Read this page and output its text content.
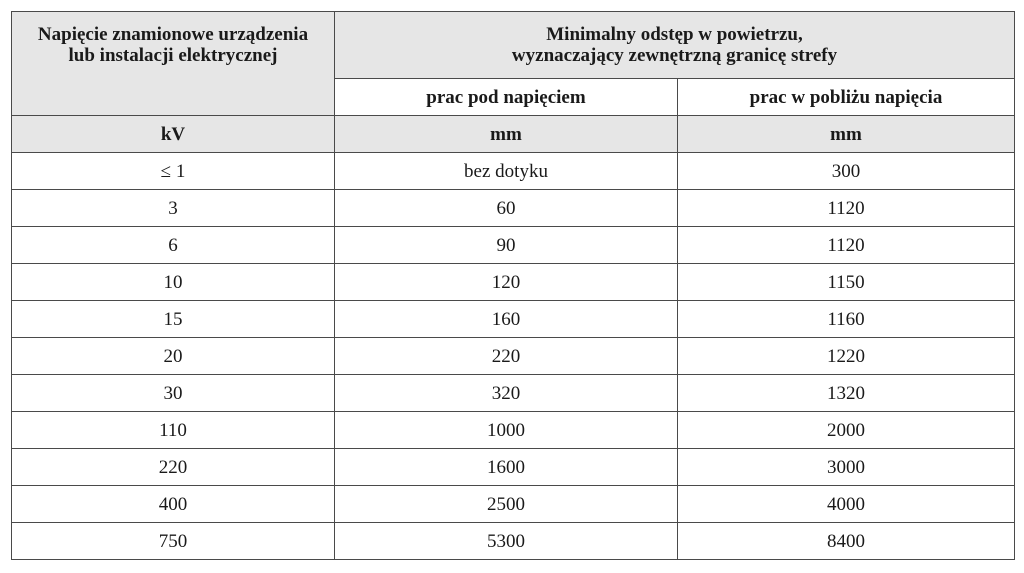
Napięcie znamionowe urządzenia
lub instalacji elektrycznej	Minimalny odstęp w powietrzu,
wyznaczający zewnętrzną granicę strefy	
	prac pod napięciem	prac w pobliżu napięcia
kV	mm	mm
≤ 1	bez dotyku	300
3	60	1120
6	90	1120
10	120	1150
15	160	1160
20	220	1220
30	320	1320
110	1000	2000
220	1600	3000
400	2500	4000
750	5300	8400
